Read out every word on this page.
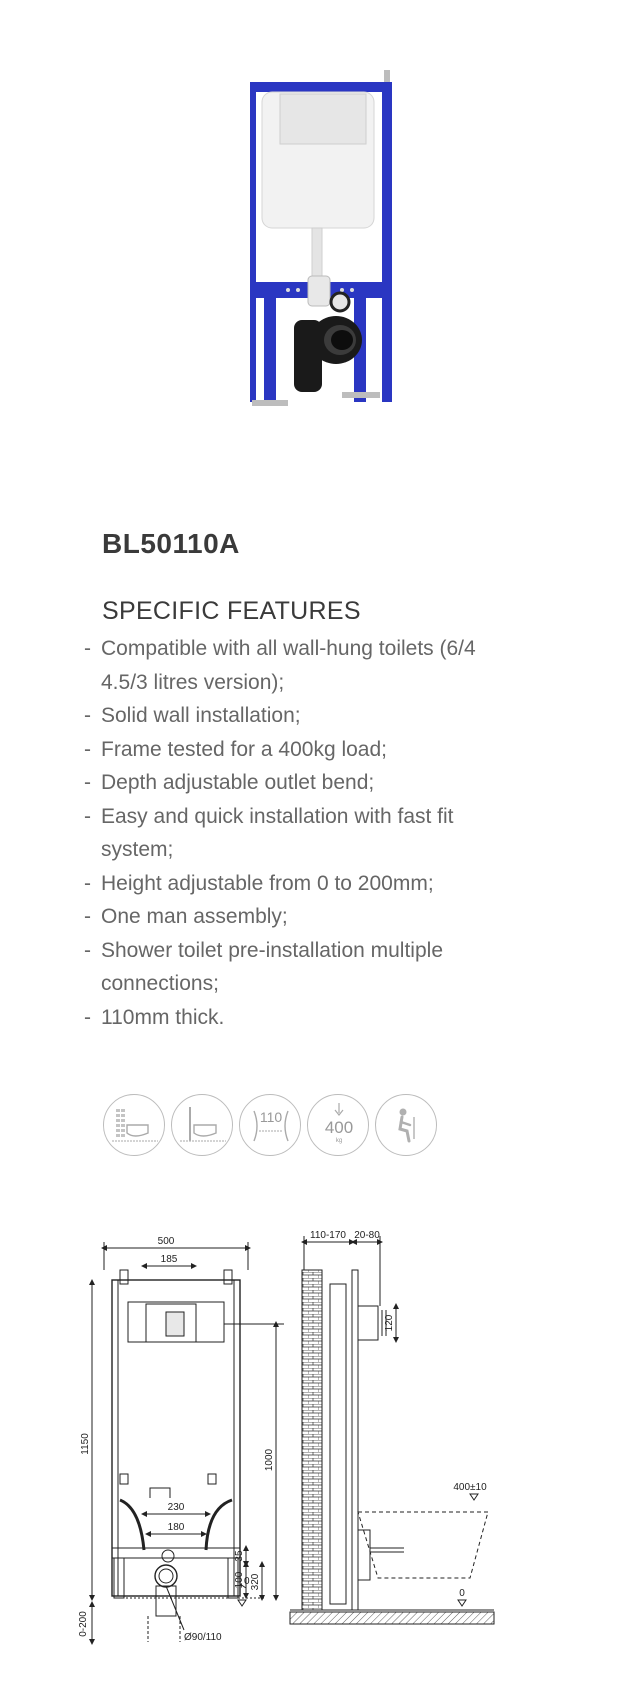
BL50110A
SPECIFIC FEATURES
- Compatible with all wall-hung toilets (6/4 4.5/3 litres version);
- Solid wall installation;
- Frame tested for a 400kg load;
- Depth adjustable outlet bend;
- Easy and quick installation with fast fit system;
- Height adjustable from 0 to 200mm;
- One man assembly;
- Shower toilet pre-installation multiple connections;
- 110mm thick.
110
400
kg
500
185
1150
0-200
1000
230
180
35
100 320
0
Ø90/110
110-170 20-80
120
400±10
0
